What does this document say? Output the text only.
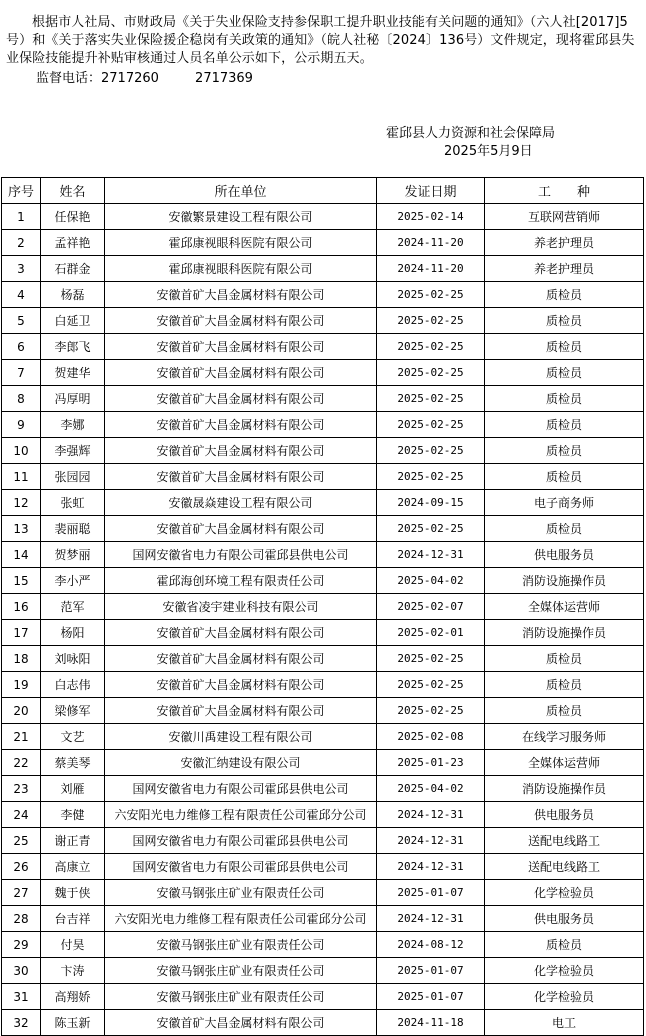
根据市人社局、市财政局《关于失业保险支持参保职工提升职业技能有关问题的通知》（六人社[2017]5号）和《关于落实失业保险援企稳岗有关政策的通知》（皖人社秘〔2024〕136号）文件规定，现将霍邱县失业保险技能提升补贴审核通过人员名单公示如下，公示期五天。

监督电话：2717260	2717369
霍邱县人力资源和社会保障局
2025年5月9日
序号	姓名	所在单位	发证日期	工　　种
1	任保艳	安徽繁景建设工程有限公司	2025-02-14	互联网营销师
2	孟祥艳	霍邱康视眼科医院有限公司	2024-11-20	养老护理员
3	石群金	霍邱康视眼科医院有限公司	2024-11-20	养老护理员
4	杨磊	安徽首矿大昌金属材料有限公司	2025-02-25	质检员
5	白延卫	安徽首矿大昌金属材料有限公司	2025-02-25	质检员
6	李郎飞	安徽首矿大昌金属材料有限公司	2025-02-25	质检员
7	贺建华	安徽首矿大昌金属材料有限公司	2025-02-25	质检员
8	冯厚明	安徽首矿大昌金属材料有限公司	2025-02-25	质检员
9	李娜	安徽首矿大昌金属材料有限公司	2025-02-25	质检员
10	李强辉	安徽首矿大昌金属材料有限公司	2025-02-25	质检员
11	张园园	安徽首矿大昌金属材料有限公司	2025-02-25	质检员
12	张虹	安徽晟焱建设工程有限公司	2024-09-15	电子商务师
13	裴丽聪	安徽首矿大昌金属材料有限公司	2025-02-25	质检员
14	贺梦丽	国网安徽省电力有限公司霍邱县供电公司	2024-12-31	供电服务员
15	李小严	霍邱海创环境工程有限责任公司	2025-04-02	消防设施操作员
16	范军	安徽省凌宇建业科技有限公司	2025-02-07	全媒体运营师
17	杨阳	安徽首矿大昌金属材料有限公司	2025-02-01	消防设施操作员
18	刘咏阳	安徽首矿大昌金属材料有限公司	2025-02-25	质检员
19	白志伟	安徽首矿大昌金属材料有限公司	2025-02-25	质检员
20	梁修军	安徽首矿大昌金属材料有限公司	2025-02-25	质检员
21	文艺	安徽川禹建设工程有限公司	2025-02-08	在线学习服务师
22	蔡美琴	安徽汇纳建设有限公司	2025-01-23	全媒体运营师
23	刘雁	国网安徽省电力有限公司霍邱县供电公司	2025-04-02	消防设施操作员
24	李健	六安阳光电力维修工程有限责任公司霍邱分公司	2024-12-31	供电服务员
25	谢正青	国网安徽省电力有限公司霍邱县供电公司	2024-12-31	送配电线路工
26	高康立	国网安徽省电力有限公司霍邱县供电公司	2024-12-31	送配电线路工
27	魏于侠	安徽马钢张庄矿业有限责任公司	2025-01-07	化学检验员
28	台吉祥	六安阳光电力维修工程有限责任公司霍邱分公司	2024-12-31	供电服务员
29	付昊	安徽马钢张庄矿业有限责任公司	2024-08-12	质检员
30	卞涛	安徽马钢张庄矿业有限责任公司	2025-01-07	化学检验员
31	高翔娇	安徽马钢张庄矿业有限责任公司	2025-01-07	化学检验员
32	陈玉新	安徽首矿大昌金属材料有限公司	2024-11-18	电工
